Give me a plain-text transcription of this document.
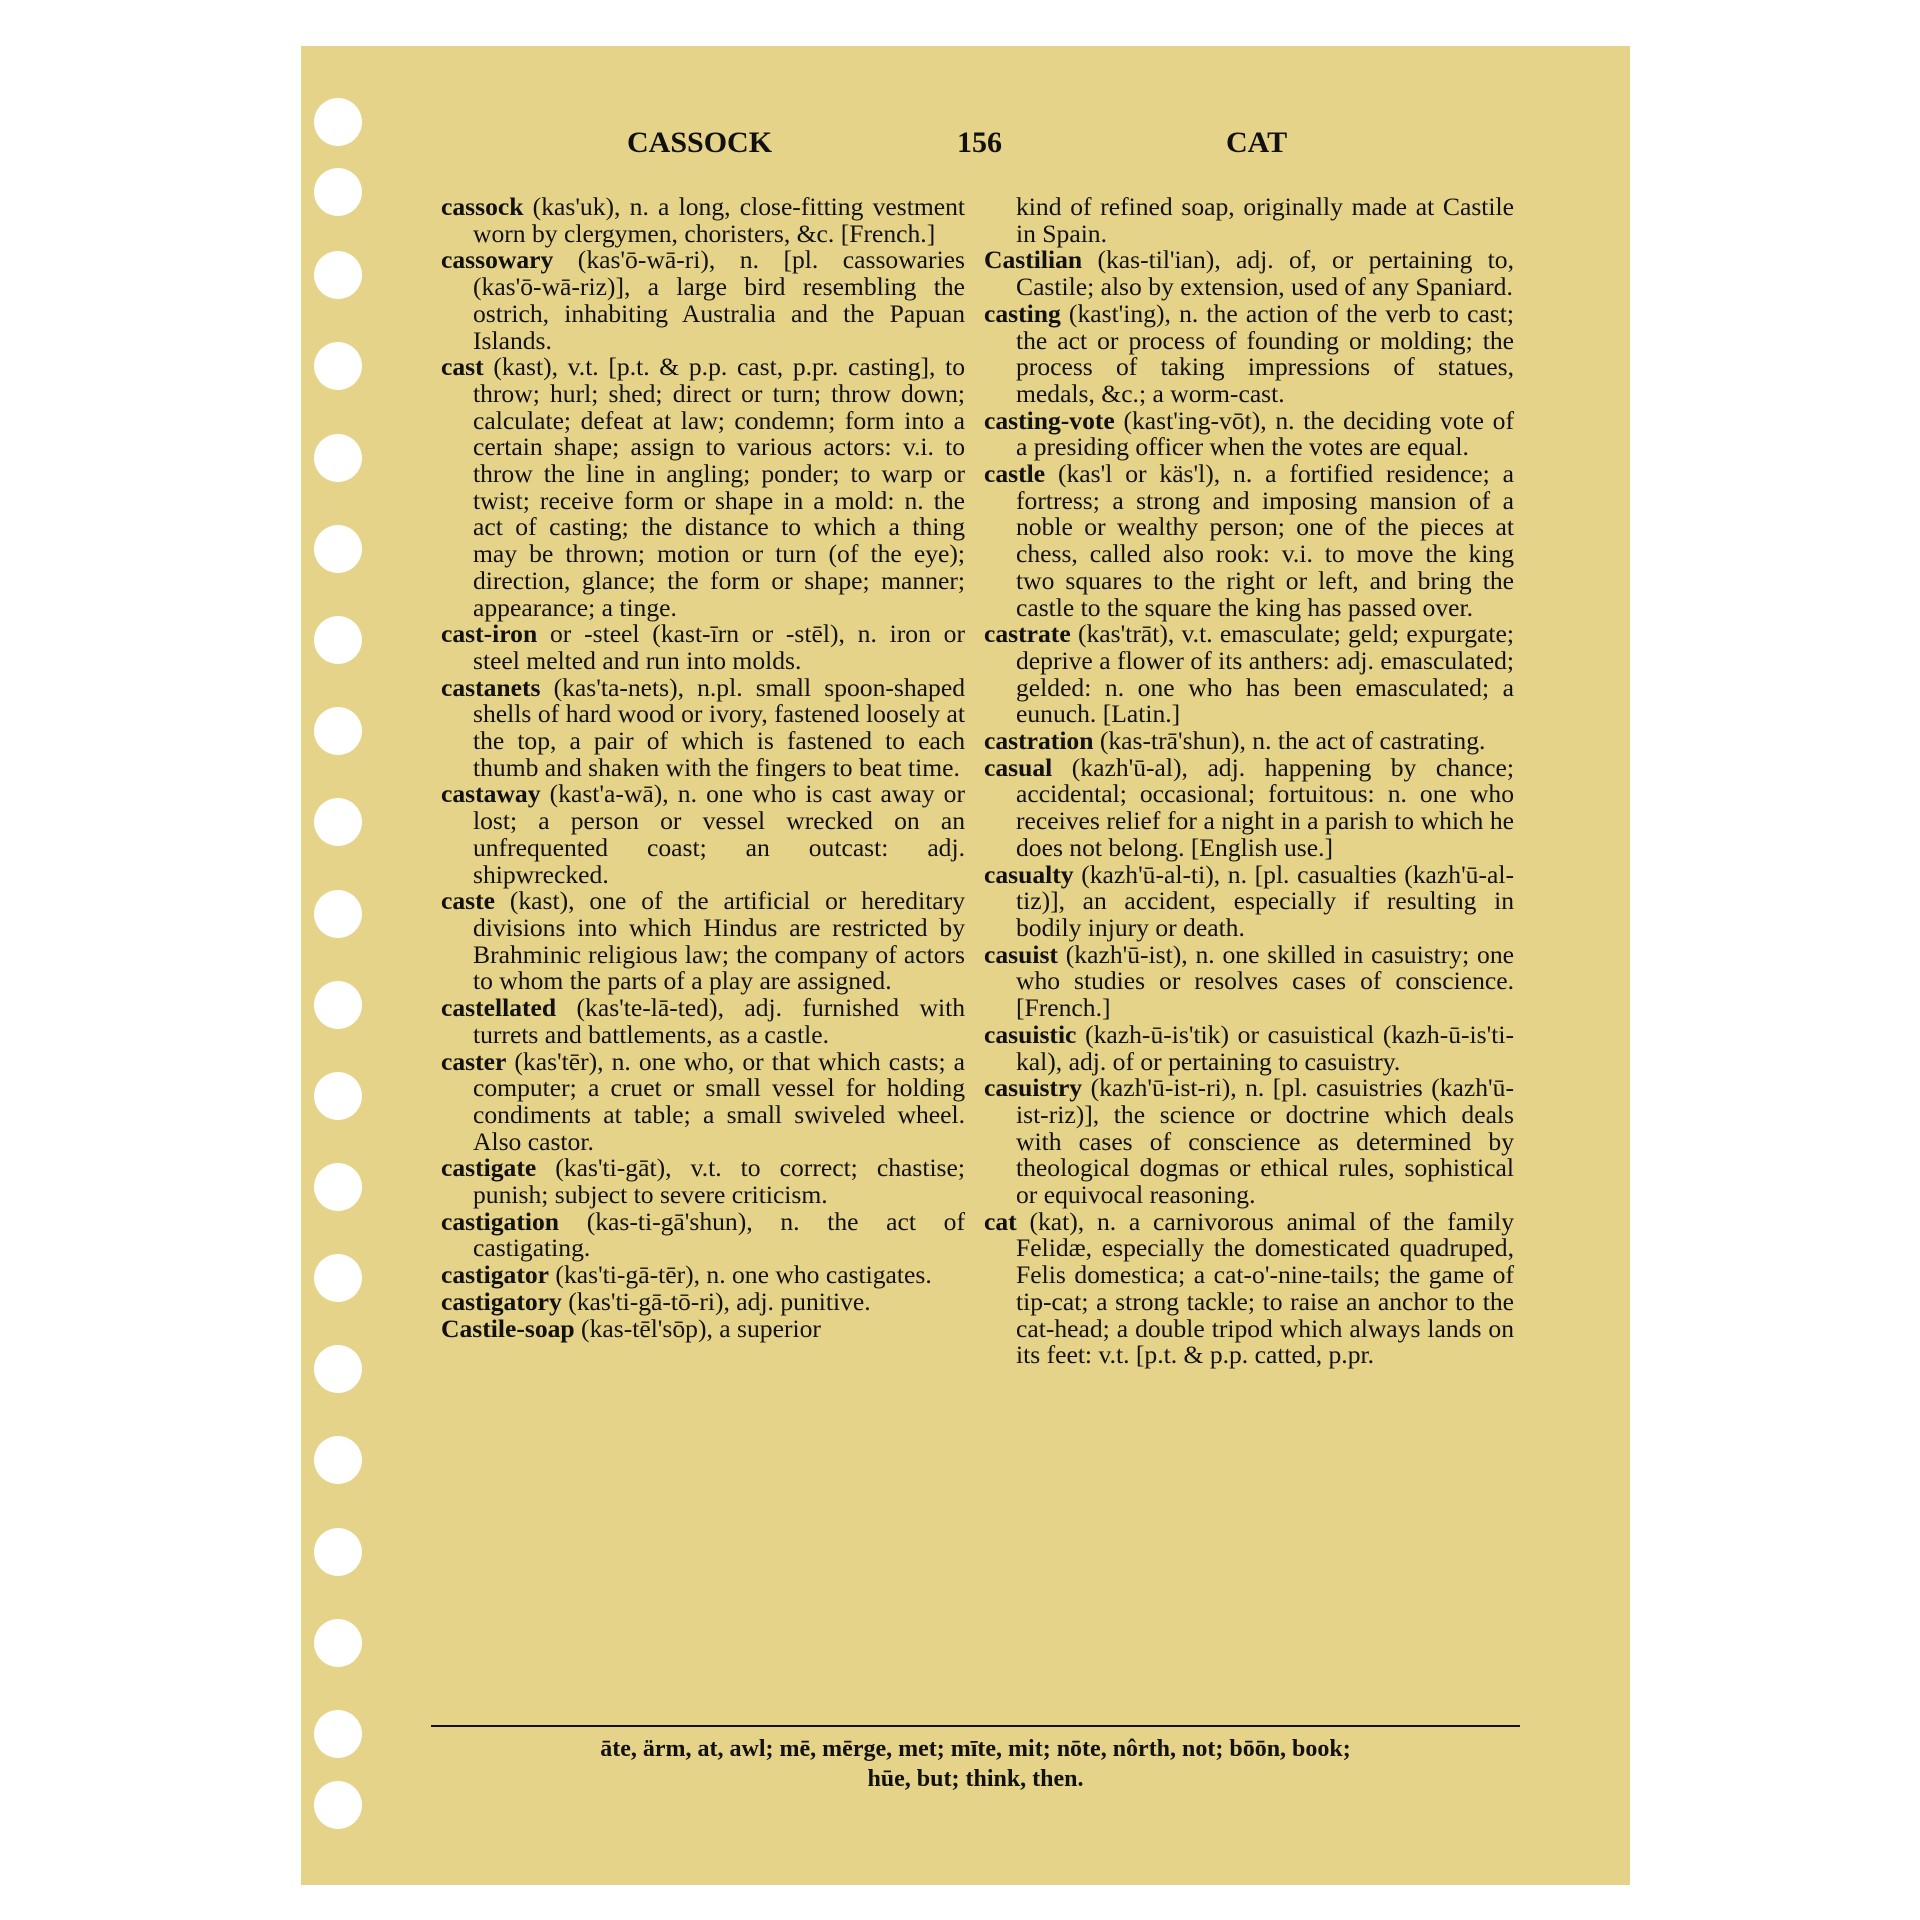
CASSOCK	156	CAT

cassock (kas'uk), n. a long, close-fitting vestment worn by clergymen, choristers, &c. [French.]

cassowary (kas'ō-wā-ri), n. [pl. cassowaries (kas'ō-wā-riz)], a large bird resembling the ostrich, inhabiting Australia and the Papuan Islands.

cast (kast), v.t. [p.t. & p.p. cast, p.pr. casting], to throw; hurl; shed; direct or turn; throw down; calculate; defeat at law; condemn; form into a certain shape; assign to various actors: v.i. to throw the line in angling; ponder; to warp or twist; receive form or shape in a mold: n. the act of casting; the distance to which a thing may be thrown; motion or turn (of the eye); direction, glance; the form or shape; manner; appearance; a tinge.

cast-iron or -steel (kast-īrn or -stēl), n. iron or steel melted and run into molds.

castanets (kas'ta-nets), n.pl. small spoon-shaped shells of hard wood or ivory, fastened loosely at the top, a pair of which is fastened to each thumb and shaken with the fingers to beat time.

castaway (kast'a-wā), n. one who is cast away or lost; a person or vessel wrecked on an unfrequented coast; an outcast: adj. shipwrecked.

caste (kast), one of the artificial or hereditary divisions into which Hindus are restricted by Brahminic religious law; the company of actors to whom the parts of a play are assigned.

castellated (kas'te-lā-ted), adj. furnished with turrets and battlements, as a castle.

caster (kas'tēr), n. one who, or that which casts; a computer; a cruet or small vessel for holding condiments at table; a small swiveled wheel. Also castor.

castigate (kas'ti-gāt), v.t. to correct; chastise; punish; subject to severe criticism.

castigation (kas-ti-gā'shun), n. the act of castigating.

castigator (kas'ti-gā-tēr), n. one who castigates.

castigatory (kas'ti-gā-tō-ri), adj. punitive.

Castile-soap (kas-tēl'sōp), a superior

kind of refined soap, originally made at Castile in Spain.

Castilian (kas-til'ian), adj. of, or pertaining to, Castile; also by extension, used of any Spaniard.

casting (kast'ing), n. the action of the verb to cast; the act or process of founding or molding; the process of taking impressions of statues, medals, &c.; a worm-cast.

casting-vote (kast'ing-vōt), n. the deciding vote of a presiding officer when the votes are equal.

castle (kas'l or käs'l), n. a fortified residence; a fortress; a strong and imposing mansion of a noble or wealthy person; one of the pieces at chess, called also rook: v.i. to move the king two squares to the right or left, and bring the castle to the square the king has passed over.

castrate (kas'trāt), v.t. emasculate; geld; expurgate; deprive a flower of its anthers: adj. emasculated; gelded: n. one who has been emasculated; a eunuch. [Latin.]

castration (kas-trā'shun), n. the act of castrating.

casual (kazh'ū-al), adj. happening by chance; accidental; occasional; fortuitous: n. one who receives relief for a night in a parish to which he does not belong. [English use.]

casualty (kazh'ū-al-ti), n. [pl. casualties (kazh'ū-al-tiz)], an accident, especially if resulting in bodily injury or death.

casuist (kazh'ū-ist), n. one skilled in casuistry; one who studies or resolves cases of conscience. [French.]

casuistic (kazh-ū-is'tik) or casuistical (kazh-ū-is'ti-kal), adj. of or pertaining to casuistry.

casuistry (kazh'ū-ist-ri), n. [pl. casuistries (kazh'ū-ist-riz)], the science or doctrine which deals with cases of conscience as determined by theological dogmas or ethical rules, sophistical or equivocal reasoning.

cat (kat), n. a carnivorous animal of the family Felidæ, especially the domesticated quadruped, Felis domestica; a cat-o'-nine-tails; the game of tip-cat; a strong tackle; to raise an anchor to the cat-head; a double tripod which always lands on its feet: v.t. [p.t. & p.p. catted, p.pr.

āte, ärm, at, awl; mē, mērge, met; mīte, mit; nōte, nôrth, not; bōōn, book;
hūe, but; think, then.
